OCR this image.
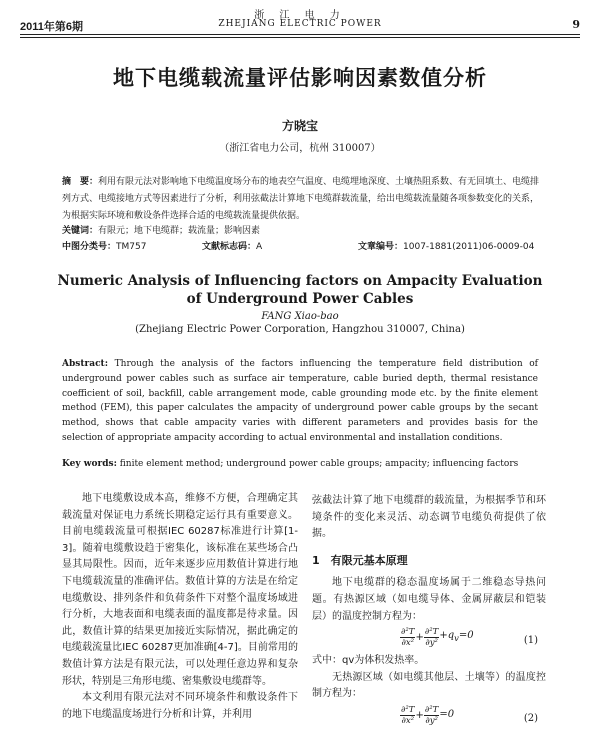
2011年第6期
浙 江 电 力
ZHEJIANG ELECTRIC POWER	9
地下电缆载流量评估影响因素数值分析
方晓宝
（浙江省电力公司，杭州 310007）
摘　要：利用有限元法对影响地下电缆温度场分布的地表空气温度、电缆埋地深度、土壤热阻系数、有无回填土、电缆排列方式、电缆接地方式等因素进行了分析，利用弦截法计算地下电缆群载流量，给出电缆载流量随各项参数变化的关系，为根据实际环境和敷设条件选择合适的电缆载流量提供依据。
关键词：有限元；地下电缆群；载流量；影响因素
中图分类号：TM757	文献标志码：A	文章编号：1007-1881(2011)06-0009-04
Numeric Analysis of Influencing factors on Ampacity Evaluation
of Underground Power Cables
FANG Xiao-bao
(Zhejiang Electric Power Corporation, Hangzhou 310007, China)
Abstract: Through the analysis of the factors influencing the temperature field distribution of underground power cables such as surface air temperature, cable buried depth, thermal resistance coefficient of soil, backfill, cable arrangement mode, cable grounding mode etc. by the finite element method (FEM), this paper calculates the ampacity of underground power cable groups by the secant method, shows that cable ampacity varies with different parameters and provides basis for the selection of appropriate ampacity according to actual environmental and installation conditions.
Key words: finite element method; underground power cable groups; ampacity; influencing factors

地下电缆敷设成本高，维修不方便，合理确定其载流量对保证电力系统长期稳定运行具有重要意义。目前电缆载流量可根据IEC 60287标准进行计算[1-3]。随着电缆敷设趋于密集化，该标准在某些场合凸显其局限性。因而，近年来逐步应用数值计算进行地下电缆载流量的准确评估。数值计算的方法是在给定电缆敷设、排列条件和负荷条件下对整个温度场域进行分析，大地表面和电缆表面的温度都是待求量。因此，数值计算的结果更加接近实际情况，据此确定的电缆载流量比IEC 60287更加准确[4-7]。目前常用的数值计算方法是有限元法，可以处理任意边界和复杂形状，特别是三角形电缆、密集敷设电缆群等。

本文利用有限元法对不同环境条件和敷设条件下的地下电缆温度场进行分析和计算，并利用

弦截法计算了地下电缆群的载流量，为根据季节和环境条件的变化来灵活、动态调节电缆负荷提供了依据。

1　有限元基本原理

地下电缆群的稳态温度场属于二维稳态导热问题。有热源区域（如电缆导体、金属屏蔽层和铠装层）的温度控制方程为：

$\frac{\text{∂²T}}{\text{∂x²}} + \frac{\text{∂²T}}{\text{∂y²}} +q_v=0$	(1)

式中：qv为体积发热率。

无热源区域（如电缆其他层、土壤等）的温度控制方程为：

$\frac{\text{∂²T}}{\text{∂x²}} + \frac{\text{∂²T}}{\text{∂y²}} =0$	(2)
